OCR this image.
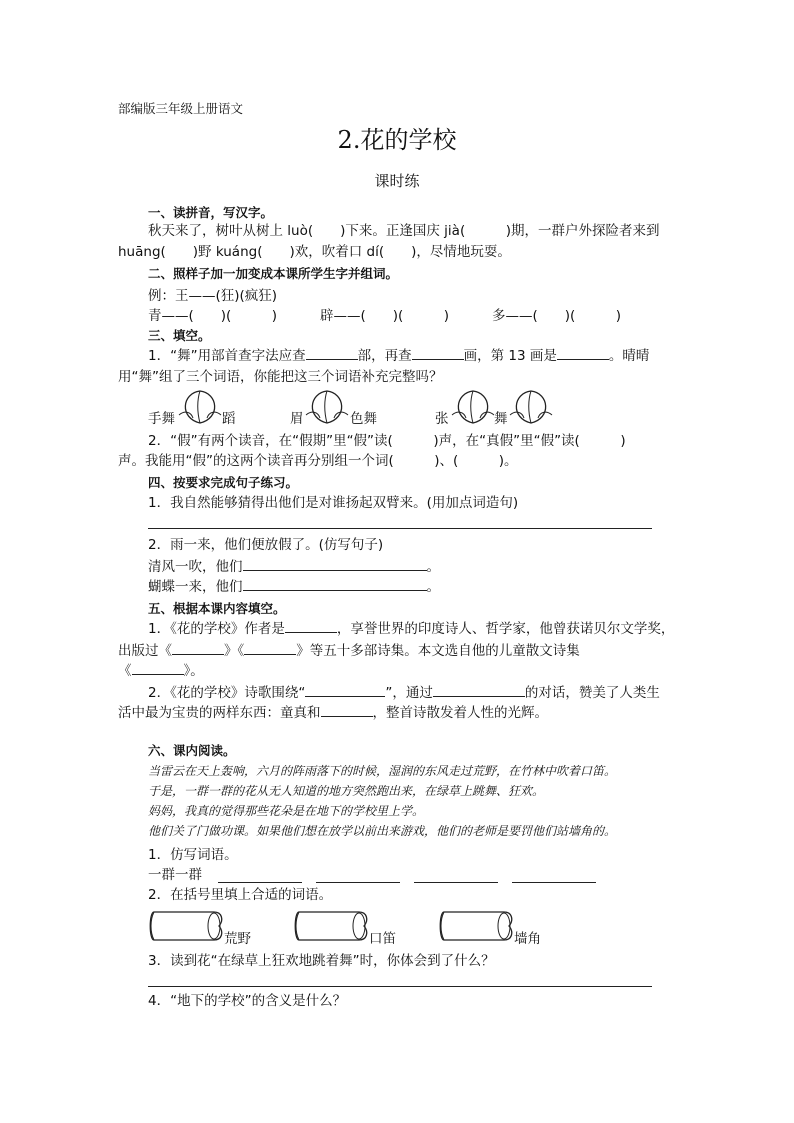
部编版三年级上册语文
2.花的学校
课时练
一、读拼音，写汉字。
秋天来了，树叶从树上 luò(　　)下来。正逢国庆 jià(　　　)期，一群户外探险者来到
huāng(　　)野 kuáng(　　)欢，吹着口 dí(　　)，尽情地玩耍。
二、照样子加一加变成本课所学生字并组词。
例：王——(狂)(疯狂)
青——(　　)(　　　)	辟——(　　)(　　　)	多——(　　)(　　　)
三、填空。
1．“舞”用部首查字法应查	部，再查	画，第 13 画是	。晴晴
用“舞”组了三个词语，你能把这三个词语补充完整吗？
手舞	蹈	眉	色舞	张	舞
2．“假”有两个读音，在“假期”里“假”读(　　　)声，在“真假”里“假”读(　　　)
声。我能用“假”的这两个读音再分别组一个词(　　　)、(　　　)。
四、按要求完成句子练习。
1．我自然能够猜得出他们是对谁扬起双臂来。(用加点词造句)
2．雨一来，他们便放假了。(仿写句子)
清风一吹，他们	。
蝴蝶一来，他们	。
五、根据本课内容填空。
1．《花的学校》作者是	，享誉世界的印度诗人、哲学家，他曾获诺贝尔文学奖，
出版过《	》《	》等五十多部诗集。本文选自他的儿童散文诗集
《	》。
2．《花的学校》诗歌围绕“	”，通过	的对话，赞美了人类生
活中最为宝贵的两样东西：童真和	，整首诗散发着人性的光辉。
六、课内阅读。
当雷云在天上轰响，六月的阵雨落下的时候，湿润的东风走过荒野，在竹林中吹着口笛。
于是，一群一群的花从无人知道的地方突然跑出来，在绿草上跳舞、狂欢。
妈妈，我真的觉得那些花朵是在地下的学校里上学。
他们关了门做功课。如果他们想在放学以前出来游戏，他们的老师是要罚他们站墙角的。
1．仿写词语。
一群一群
2．在括号里填上合适的词语。
荒野	口笛	墙角
3．读到花“在绿草上狂欢地跳着舞”时，你体会到了什么？
4．“地下的学校”的含义是什么？
